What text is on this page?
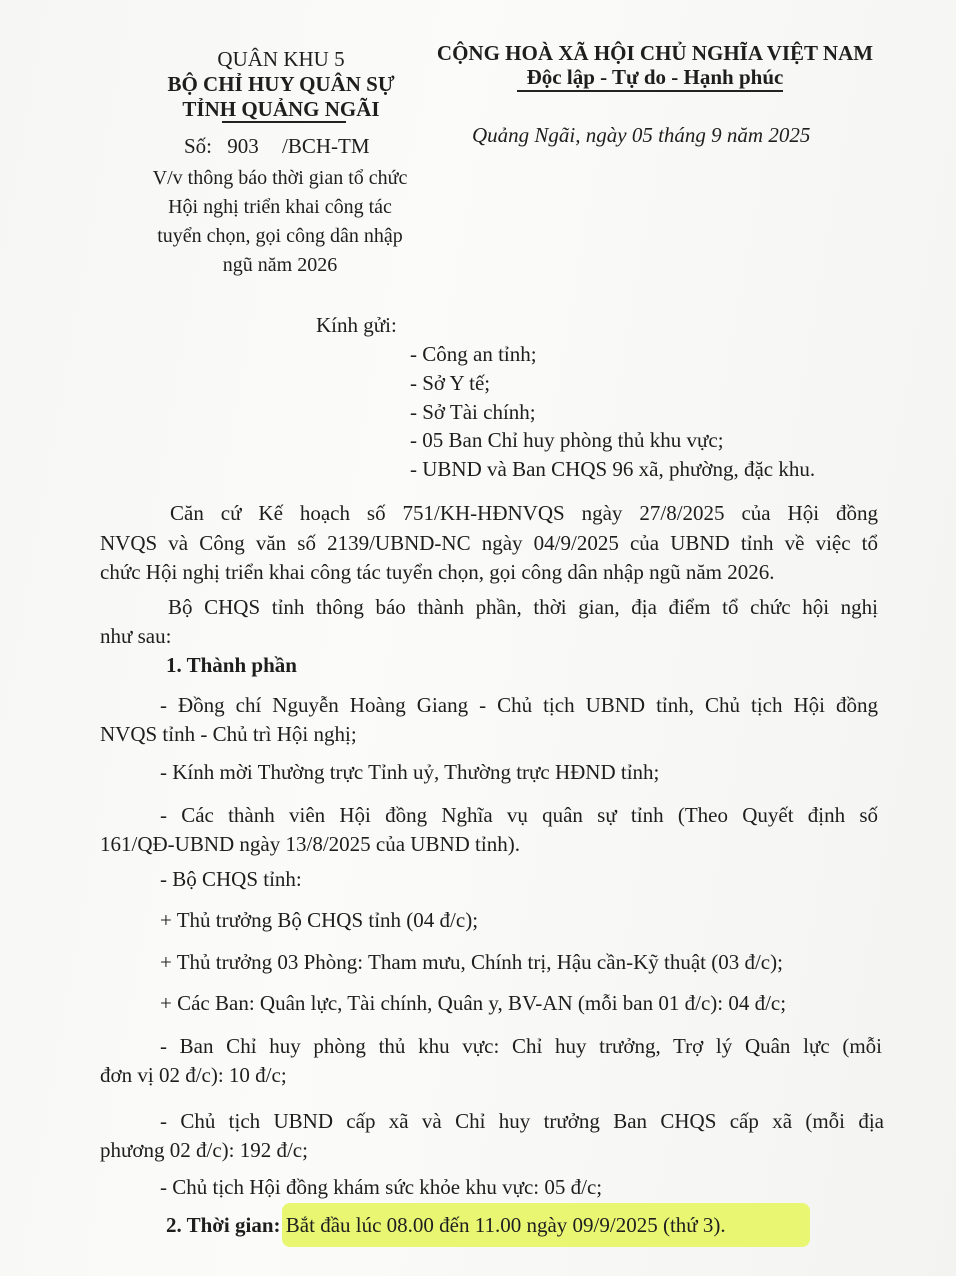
QUÂN KHU 5
BỘ CHỈ HUY QUÂN SỰ
TỈNH QUẢNG NGÃI
Số: 903 /BCH-TM
V/v thông báo thời gian tổ chức
Hội nghị triển khai công tác
tuyển chọn, gọi công dân nhập
ngũ năm 2026
CỘNG HOÀ XÃ HỘI CHỦ NGHĨA VIỆT NAM
Độc lập - Tự do - Hạnh phúc
Quảng Ngãi, ngày 05 tháng 9 năm 2025
Kính gửi:
- Công an tỉnh;
- Sở Y tế;
- Sở Tài chính;
- 05 Ban Chỉ huy phòng thủ khu vực;
- UBND và Ban CHQS 96 xã, phường, đặc khu.
Căn cứ Kế hoạch số 751/KH-HĐNVQS ngày 27/8/2025 của Hội đồng
NVQS và Công văn số 2139/UBND-NC ngày 04/9/2025 của UBND tỉnh về việc tổ
chức Hội nghị triển khai công tác tuyển chọn, gọi công dân nhập ngũ năm 2026.
Bộ CHQS tỉnh thông báo thành phần, thời gian, địa điểm tổ chức hội nghị
như sau:
1. Thành phần
- Đồng chí Nguyễn Hoàng Giang - Chủ tịch UBND tỉnh, Chủ tịch Hội đồng
NVQS tỉnh - Chủ trì Hội nghị;
- Kính mời Thường trực Tỉnh uỷ, Thường trực HĐND tỉnh;
- Các thành viên Hội đồng Nghĩa vụ quân sự tỉnh (Theo Quyết định số
161/QĐ-UBND ngày 13/8/2025 của UBND tỉnh).
- Bộ CHQS tỉnh:
+ Thủ trưởng Bộ CHQS tỉnh (04 đ/c);
+ Thủ trưởng 03 Phòng: Tham mưu, Chính trị, Hậu cần-Kỹ thuật (03 đ/c);
+ Các Ban: Quân lực, Tài chính, Quân y, BV-AN (mỗi ban 01 đ/c): 04 đ/c;
- Ban Chỉ huy phòng thủ khu vực: Chỉ huy trưởng, Trợ lý Quân lực (mỗi
đơn vị 02 đ/c): 10 đ/c;
- Chủ tịch UBND cấp xã và Chỉ huy trưởng Ban CHQS cấp xã (mỗi địa
phương 02 đ/c): 192 đ/c;
- Chủ tịch Hội đồng khám sức khỏe khu vực: 05 đ/c;
2. Thời gian: Bắt đầu lúc 08.00 đến 11.00 ngày 09/9/2025 (thứ 3).
